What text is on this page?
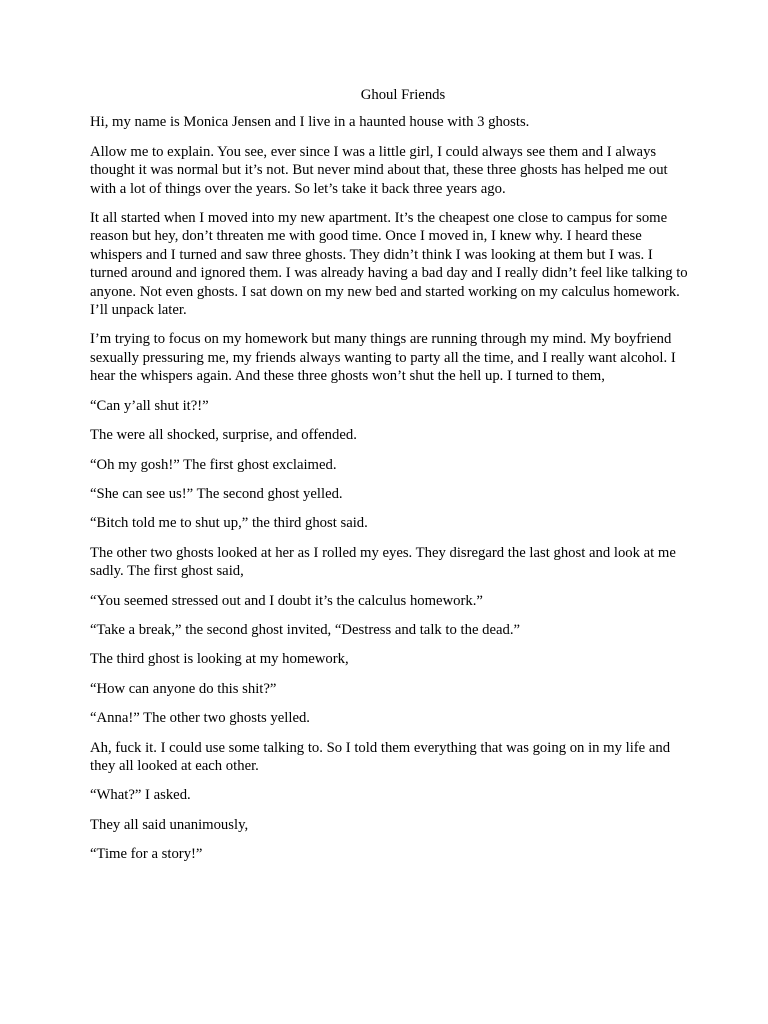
Ghoul Friends

Hi, my name is Monica Jensen and I live in a haunted house with 3 ghosts.

Allow me to explain. You see, ever since I was a little girl, I could always see them and I always thought it was normal but it’s not. But never mind about that, these three ghosts has helped me out with a lot of things over the years. So let’s take it back three years ago.

It all started when I moved into my new apartment. It’s the cheapest one close to campus for some reason but hey, don’t threaten me with good time. Once I moved in, I knew why. I heard these whispers and I turned and saw three ghosts. They didn’t think I was looking at them but I was. I turned around and ignored them. I was already having a bad day and I really didn’t feel like talking to anyone. Not even ghosts. I sat down on my new bed and started working on my calculus homework. I’ll unpack later.

I’m trying to focus on my homework but many things are running through my mind. My boyfriend sexually pressuring me, my friends always wanting to party all the time, and I really want alcohol. I hear the whispers again. And these three ghosts won’t shut the hell up. I turned to them,

“Can y’all shut it?!”

The were all shocked, surprise, and offended.

“Oh my gosh!” The first ghost exclaimed.

“She can see us!” The second ghost yelled.

“Bitch told me to shut up,” the third ghost said.

The other two ghosts looked at her as I rolled my eyes. They disregard the last ghost and look at me sadly. The first ghost said,

“You seemed stressed out and I doubt it’s the calculus homework.”

“Take a break,” the second ghost invited, “Destress and talk to the dead.”

The third ghost is looking at my homework,

“How can anyone do this shit?”

“Anna!” The other two ghosts yelled.

Ah, fuck it. I could use some talking to. So I told them everything that was going on in my life and they all looked at each other.

“What?” I asked.

They all said unanimously,

“Time for a story!”
